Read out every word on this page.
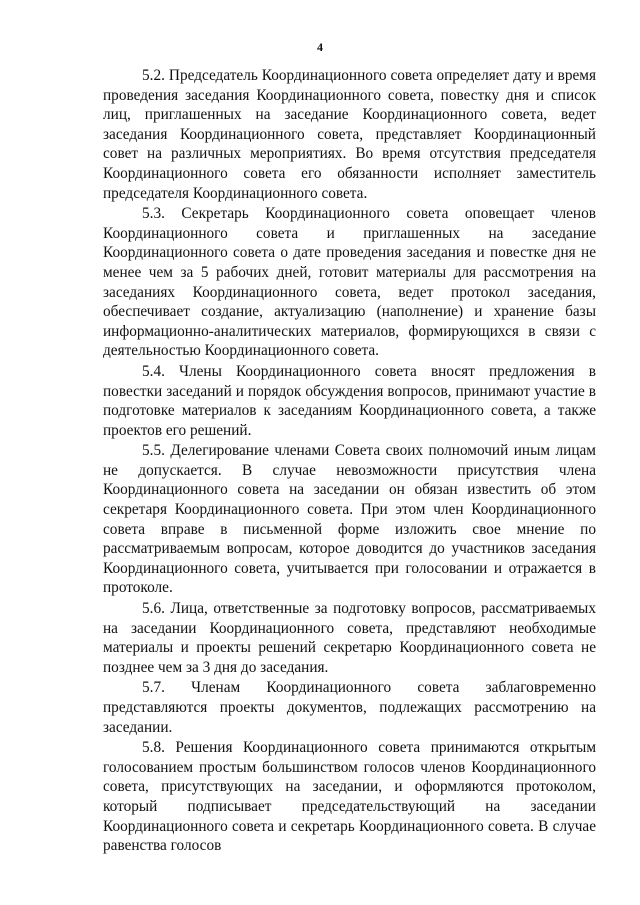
4

5.2. Председатель Координационного совета определяет дату и время проведения заседания Координационного совета, повестку дня и список лиц, приглашенных на заседание Координационного совета, ведет заседания Координационного совета, представляет Координационный совет на различных мероприятиях. Во время отсутствия председателя Координационного совета его обязанности исполняет заместитель председателя Координационного совета.

5.3. Секретарь Координационного совета оповещает членов Координационного совета и приглашенных на заседание Координационного совета о дате проведения заседания и повестке дня не менее чем за 5 рабочих дней, готовит материалы для рассмотрения на заседаниях Координационного совета, ведет протокол заседания, обеспечивает создание, актуализацию (наполнение) и хранение базы информационно-аналитических материалов, формирующихся в связи с деятельностью Координационного совета.

5.4. Члены Координационного совета вносят предложения в повестки заседаний и порядок обсуждения вопросов, принимают участие в подготовке материалов к заседаниям Координационного совета, а также проектов его решений.

5.5. Делегирование членами Совета своих полномочий иным лицам не допускается. В случае невозможности присутствия члена Координационного совета на заседании он обязан известить об этом секретаря Координационного совета. При этом член Координационного совета вправе в письменной форме изложить свое мнение по рассматриваемым вопросам, которое доводится до участников заседания Координационного совета, учитывается при голосовании и отражается в протоколе.

5.6. Лица, ответственные за подготовку вопросов, рассматриваемых на заседании Координационного совета, представляют необходимые материалы и проекты решений секретарю Координационного совета не позднее чем за 3 дня до заседания.

5.7. Членам Координационного совета заблаговременно представляются проекты документов, подлежащих рассмотрению на заседании.

5.8. Решения Координационного совета принимаются открытым голосованием простым большинством голосов членов Координационного совета, присутствующих на заседании, и оформляются протоколом, который подписывает председательствующий на заседании Координационного совета и секретарь Координационного совета. В случае равенства голосов
